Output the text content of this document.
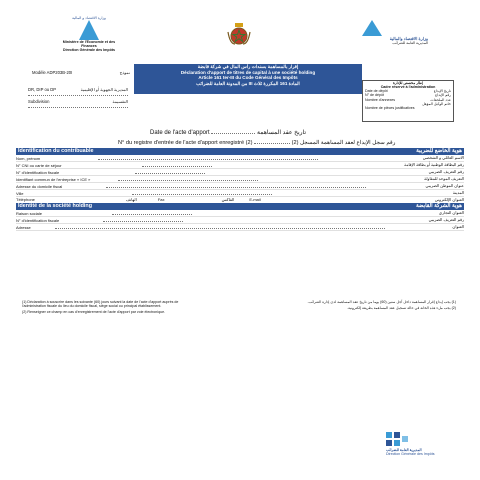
وزارة الاقتصاد و المالية
Ministère de l'Economie et des Finances
Direction Générale des Impôts
وزارة الاقتصاد والمالية
المديرية العامة للضرائب
Modèle ADP203B-20I	نموذج
DR, DIP ou DP	المديرية الجهوية أو الإقليمية
Subdivision	التقسيمة
إقرار بالمساهمة بسندات رأس المال في شركة قابضة
Déclaration d'apport de titres de capital à une société holding
Article 161 ter-III du Code Général des Impôts
المادة 161 المكررة ثلاث III من المدونة العامة للضرائب	إطار مخصص للإدارة
Cadre réservé à l'administration
Date de dépôt	تاريخ الإيداع
N° de dépôt	رقم الإيداع
Nombre d'annexes	عدد الملحقات
خاتم الوكيل المؤهل
Nombre de pièces justificatives
Date de l'acte d'apport	تاريخ عقد المساهمة
N° du registre d'entrée de l'acte d'apport enregistré (2)	رقم سجل الإيداع لعقد المساهمة المسجل (2)
Identification du contribuable	هوية الخاضع للضريبة
Nom, prénom	الاسم العائلي و الشخصي
N° CNI ou carte de séjour	رقم البطاقة الوطنية أو بطاقة الإقامة
N° d'identification fiscale	رقم التعريف الضريبي
Identifiant commun de l'entreprise « ICE »	التعريف الموحد للمقاولة
Adresse du domicile fiscal	عنوان الموطن الضريبي
Ville	المدينة
Téléphone	الهاتف	Fax	الفاكس	E-mail	العنوان الإلكتروني
Identité de la société holding	هوية الشركة القابضة
Raison sociale	العنوان التجاري
N° d'identification fiscale	رقم التعريف الضريبي
Adresse	العنوان
(1) Déclaration à souscrire dans les soixante (60) jours suivant la date de l'acte d'apport auprès de l'administration fiscale du lieu du domicile fiscal, siège social ou principal établissement.
(2) Renseigner ce champ en cas d'enregistrement de l'acte d'apport par voie électronique.
(1) يجب إيداع إقرار المساهمة داخل أجل ستين (60) يوما من تاريخ عقد المساهمة لدى إدارة الضرائب.
(2) يجب ملء هذه الخانة في حالة تسجيل عقد المساهمة بطريقة إلكترونية.
المديرية العامة للضرائب
Direction Générale des Impôts
